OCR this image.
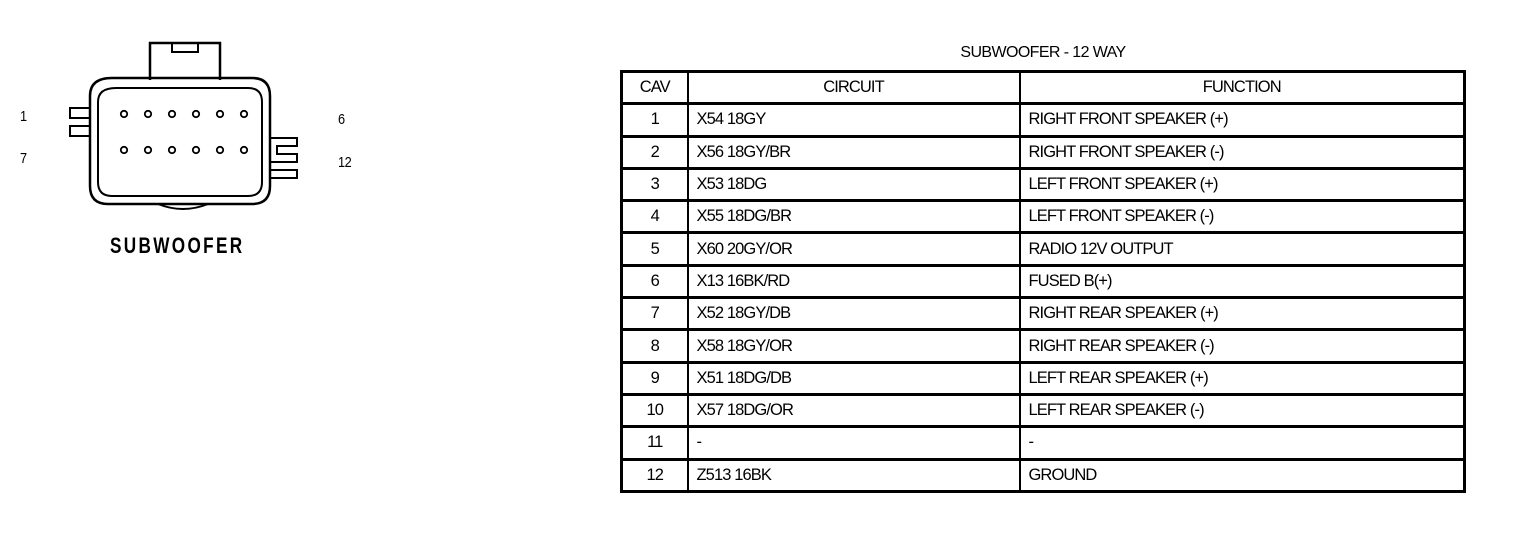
1
7
6
12
SUBWOOFER
SUBWOOFER - 12 WAY
CAV	CIRCUIT	FUNCTION
1	X54 18GY	RIGHT FRONT SPEAKER (+)
2	X56 18GY/BR	RIGHT FRONT SPEAKER (-)
3	X53 18DG	LEFT FRONT SPEAKER (+)
4	X55 18DG/BR	LEFT FRONT SPEAKER (-)
5	X60 20GY/OR	RADIO 12V OUTPUT
6	X13 16BK/RD	FUSED B(+)
7	X52 18GY/DB	RIGHT REAR SPEAKER (+)
8	X58 18GY/OR	RIGHT REAR SPEAKER (-)
9	X51 18DG/DB	LEFT REAR SPEAKER (+)
10	X57 18DG/OR	LEFT REAR SPEAKER (-)
11	-	-
12	Z513 16BK	GROUND
